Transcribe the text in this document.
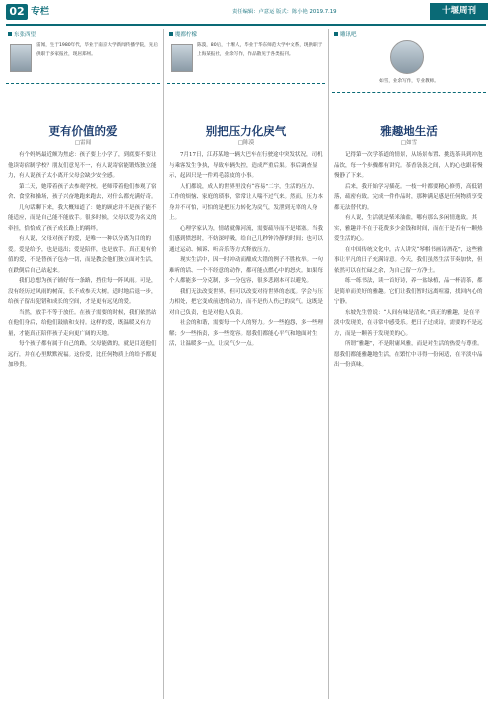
02 专栏	责任编辑：卢意运 版式：陈小艳 2019.7.19	十堰周刊
东张西望
雷闻，生于1980年代，毕业于南京大学新闻传播学院，先后供职于多家报社，现居郑州。
更有价值的爱
□雷闻

有个妈妈最近颇为焦虑：孩子要上小学了，到底要不要让他读寄宿制学校？朋友们意见不一，有人说寄宿能锻炼独立能力，有人说孩子太小离开父母会缺少安全感。

第二天，她带着孩子去参观学校。老师带着他们参观了宿舍、食堂和操场，孩子兴奋地跑来跑去，对什么都充满好奇。

几句话聊下来，我大概知道了：她的顾虑并不是孩子能不能适应，而是自己能不能放手。很多时候，父母以爱为名义的牵挂，恰恰成了孩子成长路上的羁绊。

有人说，父母对孩子的爱，是唯一一种以分离为目的的爱。爱是给予，也是退出；爱是陪伴，也是放手。真正更有价值的爱，不是替孩子包办一切，而是教会他们独立面对生活，在跌倒后自己站起来。

我们总想为孩子铺好每一条路，挡住每一阵风雨。可是，没有经历过风雨的树苗，长不成参天大树。适时地后退一步，给孩子留出犯错和成长的空间，才是更有远见的爱。

当然，放手不等于放任。在孩子需要的时候，我们依然站在他们身后，给他们鼓励和支持。这样的爱，既温暖又有力量，才能真正陪伴孩子走向更广阔的天地。

每个孩子都有属于自己的路，父母能做的，就是目送他们远行，并在心里默默祝福。这份爱，比任何物质上的给予都更加珍贵。

魔都柠檬
陈漠，80后，十堰人，毕业于华东师范大学中文系，现供职于上海某报社，业余写作，作品散见于各类报刊。
别把压力化戾气
□陈漠

7月17日，江苏某地一辆大巴车在行驶途中突发状况，司机与乘客发生争执，导致车辆失控，造成严重后果。事后调查显示，起因只是一件鸡毛蒜皮的小事。

人们都说，成人的世界里没有“容易”二字，生活的压力、工作的烦恼、家庭的琐事，常常让人喘不过气来。然而，压力本身并不可怕，可怕的是把压力转化为戾气，发泄到无辜的人身上。

心理学家认为，情绪就像河流，需要疏导而不是堵塞。当我们感到愤怒时，不妨深呼吸，给自己几秒钟冷静的时间；也可以通过运动、倾诉、听音乐等方式释放压力。

现实生活中，因一时冲动而酿成大错的例子不胜枚举。一句难听的话、一个不经意的动作，都可能点燃心中的怒火。如果每个人都能多一分克制，多一分包容，很多悲剧本可以避免。

我们无法改变世界，但可以改变对待世界的态度。学会与压力相处，把它变成前进的动力，而不是伤人伤己的戾气。这既是对自己负责，也是对他人负责。

社会的和谐，需要每一个人的努力。少一些抱怨，多一些理解；少一些指责，多一些宽容。愿我们都能心平气和地面对生活，让温暖多一点，让戾气少一点。

雕讯吧
如雪，业余写作，专业教师。
雅趣地生活
□如雪

记得第一次学茶道的情景，从场景布置、挑选茶具到冲泡品饮，每一个步骤都有讲究。茶香袅袅之间，人的心也跟着慢慢静了下来。

后来，我开始学习插花。一枝一叶都要精心修剪，高低错落，疏密有致。完成一件作品时，那种满足感是任何物质享受都无法替代的。

有人说，生活就是柴米油盐，哪有那么多闲情逸致。其实，雅趣并不在于花费多少金钱和时间，而在于是否有一颗热爱生活的心。

在中国传统文化中，古人讲究“琴棋书画诗酒花”，这些雅事让平凡的日子充满诗意。今天，我们虽然生活节奏加快，但依然可以在忙碌之余，为自己留一方净土。

练一练书法，读一首好诗，养一盆绿植，品一杯清茶，都是简单而美好的雅趣。它们让我们暂时远离喧嚣，找回内心的宁静。

东坡先生曾说：“人间有味是清欢。”真正的雅趣，是在平淡中发现美，在寻常中感受乐。把日子过成诗，需要的不是远方，而是一颗善于发现美的心。

所谓“雅趣”，不是附庸风雅，而是对生活的热爱与尊重。愿我们都能雅趣地生活，在繁忙中寻得一份闲适，在平淡中品出一份真味。
